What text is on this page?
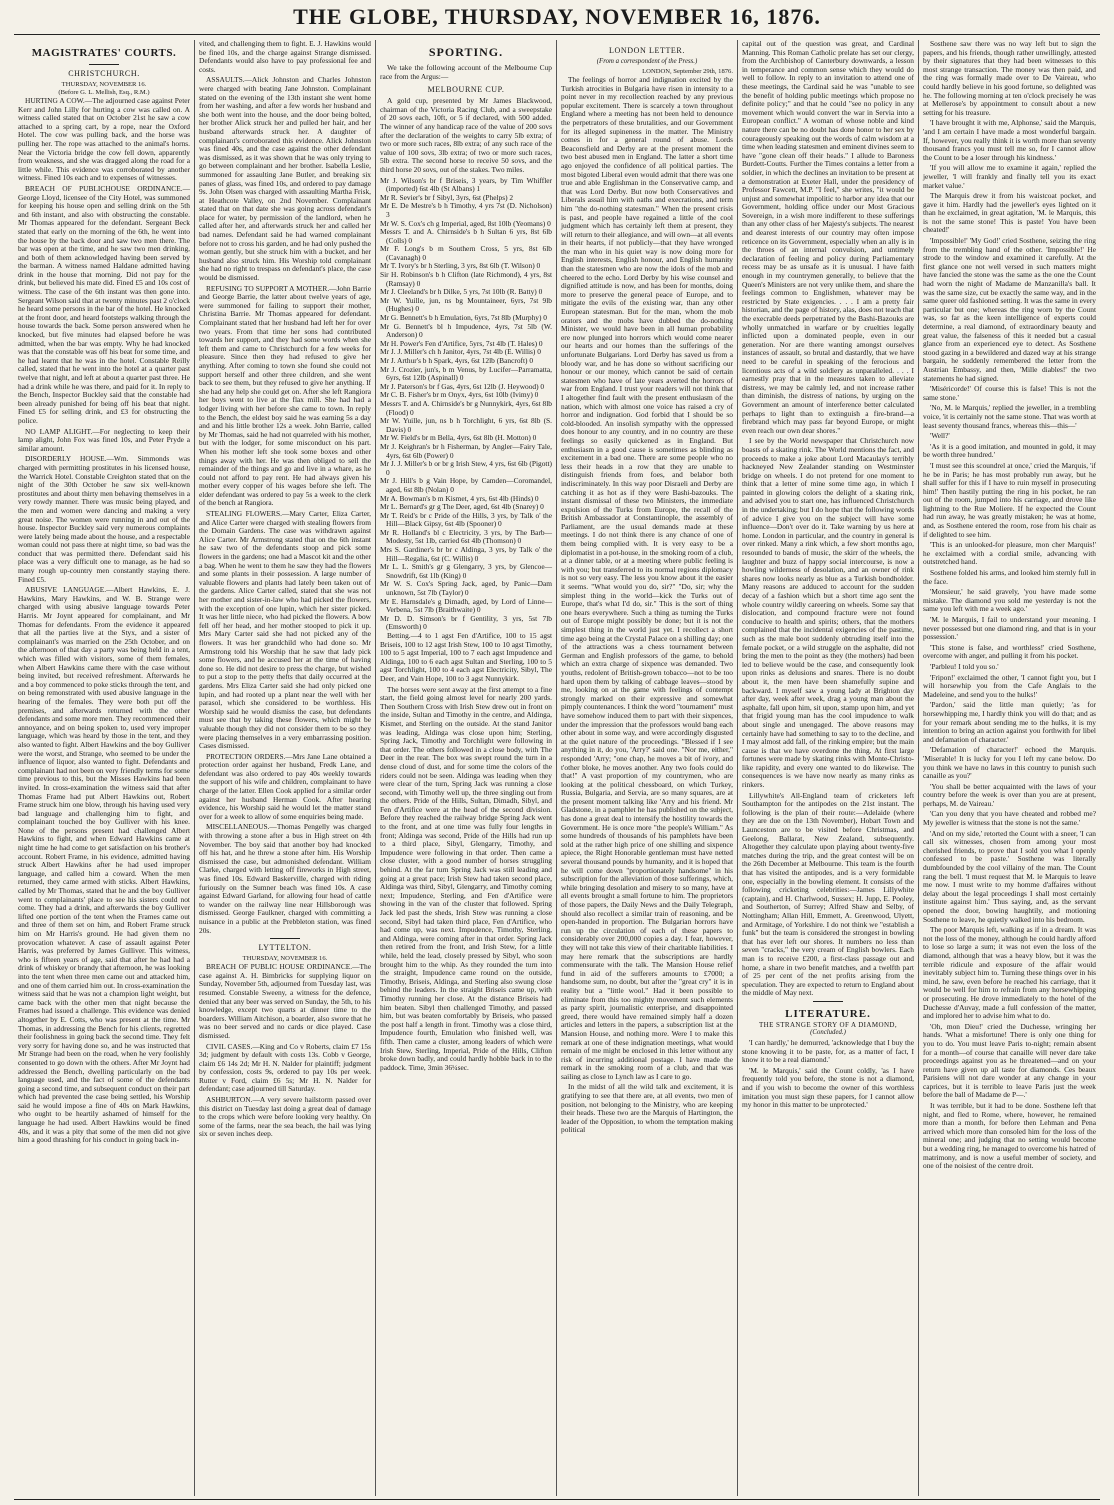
THE GLOBE, THURSDAY, NOVEMBER 16, 1876.
MAGISTRATES' COURTS.
CHRISTCHURCH.
THURSDAY, NOVEMBER 16.
(Before G. L. Mellish, Esq., R.M.)

HURTING A COW.—The adjourned case against Peter Kerr and John Lilly for hurting a cow was called on. A witness called stated that on October 21st he saw a cow attached to a spring cart, by a rope, near the Oxford Hotel. The cow was pulling back, and the horse was pulling her. The rope was attached to the animal's horns. Near the Victoria bridge the cow fell down, apparently from weakness, and she was dragged along the road for a little while. This evidence was corroborated by another witness. Fined 10s each and to expenses of witnesses.

BREACH OF PUBLICHOUSE ORDINANCE.—George Lloyd, licensee of the City Hotel, was summoned for keeping his house open and selling drink on the 5th and 6th instant, and also with obstructing the constable. Mr Thomas appeared for the defendant. Sergeant Beck stated that early on the morning of the 6th, he went into the house by the back door and saw two men there. The bar was open at the time, and he saw two men drinking, and both of them acknowledged having been served by the barman. A witness named Haldane admitted having drink in the house that morning. Did not pay for the drink, but believed his mate did. Fined £5 and 10s cost of witness. The case of the 6th instant was then gone into. Sergeant Wilson said that at twenty minutes past 2 o'clock he heard some persons in the bar of the hotel. He knocked at the front door, and heard footsteps walking through the house towards the back. Some person answered when he knocked, but five minutes had elapsed before he was admitted, when the bar was empty. Why he had knocked was that the constable was off his beat for some time, and he had learnt that he was in the hotel. Constable Reilly called, stated that he went into the hotel at a quarter past twelve that night, and left at about a quarter past three. He had a drink while he was there, and paid for it. In reply to the Bench, Inspector Buckley said that the constable had been already punished for being off his beat that night. Fined £5 for selling drink, and £3 for obstructing the police.

NO LAMP ALIGHT.—For neglecting to keep their lamp alight, John Fox was fined 10s, and Peter Pryde a similar amount.

DISORDERLY HOUSE.—Wm. Simmonds was charged with permitting prostitutes in his licensed house, the Warrick Hotel. Constable Creighton stated that on the night of the 30th October he saw six well-known prostitutes and about thirty men behaving themselves in a very rowdy manner. There was music being played, and the men and women were dancing and making a very great noise. The women were running in and out of the house. Inspector Buckley said very numerous complaints were lately being made about the house, and a respectable woman could not pass there at night time, so bad was the conduct that was permitted there. Defendant said his place was a very difficult one to manage, as he had so many rough up-country men constantly staying there. Fined £5.

ABUSIVE LANGUAGE.—Albert Hawkins, E. J. Hawkins, Mary Hawkins, and W. B. Strange were charged with using abusive language towards Peter Harris. Mr Joynt appeared for complainant, and Mr Thomas for defendants. From the evidence it appeared that all the parties live at the Styx, and a sister of complainant's was married on the 25th October, and on the afternoon of that day a party was being held in a tent, which was filled with visitors, some of them females, when Albert Hawkins came there with the case without being invited, but received refreshment. Afterwards he and a boy commenced to poke sticks through the tent, and on being remonstrated with used abusive language in the hearing of the females. They were both put off the premises, and afterwards returned with the other defendants and some more men. They recommenced their annoyance, and on being spoken to, used very improper language, which was heard by those in the tent, and they also wanted to fight. Albert Hawkins and the boy Gulliver were the worst, and Strange, who seemed to be under the influence of liquor, also wanted to fight. Defendants and complainant had not been on very friendly terms for some time previous to this, but the Misses Hawkins had been invited. In cross-examination the witness said that after Thomas Frame had put Albert Hawkins out, Robert Frame struck him one blow, through his having used very bad language and challenging him to fight, and complainant touched the boy Gulliver with his knee. None of the persons present had challenged Albert Hawkins to fight, and when Edward Hawkins came at night time he had come to get satisfaction on his brother's account. Robert Frame, in his evidence, admitted having struck Albert Hawkins after he had used improper language, and called him a coward. When the men returned, they came armed with sticks. Albert Hawkins, called by Mr Thomas, stated that he and the boy Gulliver went to complainants' place to see his sisters could not come. They had a drink, and afterwards the boy Gulliver lifted one portion of the tent when the Frames came out and three of them set on him, and Robert Frame struck him on Mr Harris's ground. He had given them no provocation whatever. A case of assault against Peter Harris, was preferred by James Gulliver. This witness, who is fifteen years of age, said that after he had had a drink of whiskey or brandy that afternoon, he was looking into the tent when three men came out and attacked him, and one of them carried him out. In cross-examination the witness said that he was not a champion light weight, but came back with the other men that night because the Frames had issued a challenge. This evidence was denied altogether by E. Cotts, who was present at the time. Mr Thomas, in addressing the Bench for his clients, regretted their foolishness in going back the second time. They felt very sorry for having done so, and he was instructed that Mr Strange had been on the road, when he very foolishly consented to go down with the others. After Mr Joynt had addressed the Bench, dwelling particularly on the bad language used, and the fact of some of the defendants going a second time, and subsequent conduct on their part which had prevented the case being settled, his Worship said he would impose a fine of 40s on Mark Hawkins, who ought to be heartily ashamed of himself for the language he had used. Albert Hawkins would be fined 40s, and it was a pity that some of the men did not give him a good thrashing for his conduct in going back in-

vited, and challenging them to fight. E. J. Hawkins would be fined 10s, and the charge against Strange dismissed. Defendants would also have to pay professional fee and costs.

ASSAULTS.—Alick Johnston and Charles Johnston were charged with beating Jane Johnston. Complainant stated on the evening of the 13th instant she went home from her washing, and after a few words her husband and she both went into the house, and the door being bolted, her brother Alick struck her and pulled her hair, and her husband afterwards struck her. A daughter of complainant's corroborated this evidence. Alick Johnston was fined 40s, and the case against the other defendant was dismissed, as it was shown that he was only trying to go between complainant and her brother. Isabella Leslie, summoned for assaulting Jane Butler, and breaking six panes of glass, was fined 10s, and ordered to pay damage 9s. John Olsen was charged with assaulting Martha Frisk, at Heathcote Valley, on 2nd November. Complainant stated that on that date she was going across defendant's place for water, by permission of the landlord, when he called after her, and afterwards struck her and called her bad names. Defendant said he had warned complainant before not to cross his garden, and he had only pushed the woman gently, but she struck him with a bucket, and her husband also struck him. His Worship told complainant she had no right to trespass on defendant's place, the case would be dismissed.

REFUSING TO SUPPORT A MOTHER.—John Barrie and George Barrie, the latter about twelve years of age, were summoned for failing to support their mother, Christina Barrie. Mr Thomas appeared for defendant. Complainant stated that her husband had left her for over two years. From that time her sons had contributed towards her support, and they had some words when she left them and came to Christchurch for a few weeks for pleasure. Since then they had refused to give her anything. After coming to town she found she could not support herself and other three children, and she went back to see them, but they refused to give her anything. If she had any help she could get on. After she left Rangiora her boys went to live at the flax mill. She had had a lodger living with her before she came to town. In reply to the Bench, the eldest boy said he was earning 5s a day and and his little brother 12s a week. John Barrie, called by Mr Thomas, said he had not quarreled with his mother, but with the lodger, for some misconduct on his part. When his mother left she took some boxes and other things away with her. He was then obliged to sell the remainder of the things and go and live in a whare, as he could not afford to pay rent. He had always given his mother every copper of his wages before she left. The elder defendant was ordered to pay 5s a week to the clerk of the bench at Rangiora.

STEALING FLOWERS.—Mary Carter, Eliza Carter, and Alice Carter were charged with stealing flowers from the Domain Gardens. The case was withdrawn against Alice Carter. Mr Armstrong stated that on the 6th instant he saw two of the defendants stoop and pick some flowers in the gardens; one had a Mascot kit and the other a bag. When he went to them he saw they had the flowers and some plants in their possession. A large number of valuable flowers and plants had lately been taken out of the gardens. Alice Carter called, stated that she was not her mother and sister-in-law who had picked the flowers, with the exception of one lupin, which her sister picked. It was her little niece, who had picked the flowers. A bow fell off her head, and her mother stooped to pick it up. Mrs Mary Carter said she had not picked any of the flowers. It was her grandchild who had done so. Mr Armstrong told his Worship that he saw that lady pick some flowers, and he accused her at the time of having done so. He did not desire to press the charge, but wished to put a stop to the petty thefts that daily occurred at the gardens. Mrs Eliza Carter said she had only picked one lupin, and had rooted up a plant near the well with her parasol, which she considered to be worthless. His Worship said he would dismiss the case, but defendants must see that by taking these flowers, which might be valuable though they did not consider them to be so they were placing themselves in a very embarrassing position. Cases dismissed.

PROTECTION ORDERS.—Mrs Jane Lane obtained a protection order against her husband, Fredk Lane, and defendant was also ordered to pay 40s weekly towards the support of his wife and children, complainant to have charge of the latter. Ellen Cook applied for a similar order against her husband Herman Cook. After hearing evidence, his Worship said he would let the matter stand over for a week to allow of some enquiries being made.

MISCELLANEOUS.—Thomas Pengelly was charged with throwing a stone after a bus in High street on 4th November. The boy said that another boy had knocked off his hat, and he threw a stone after him. His Worship dismissed the case, but admonished defendant. William Clarke, charged with letting off fireworks in High street, was fined 10s. Edward Baskerville, charged with riding furiously on the Sumner beach was fined 10s. A case against Edward Garland, for allowing four head of cattle to wander on the railway line near Hillsborough was dismissed. George Faulkner, charged with committing a nuisance in a public at the Prebbleton station, was fined 20s.

LYTTELTON.
THURSDAY, NOVEMBER 16.

BREACH OF PUBLIC HOUSE ORDINANCE.—The case against A. H. Bimbricks for supplying liquor on Sunday, November 5th, adjourned from Tuesday last, was resumed. Constable Sweeny, a witness for the defence, denied that any beer was served on Sunday, the 5th, to his knowledge, except two quarts at dinner time to the boarders. William Aitchison, a boarder, also swore that he was no beer served and no cards or dice played. Case dismissed.

CIVIL CASES.—King and Co v Roberts, claim £7 15s 3d; judgment by default with costs 13s. Cobb v George, claim £6 14s 2d; Mr H. N. Nalder for plaintiff; judgment by confession, costs 9s, ordered to pay 10s per week. Rutter v Ford, claim £6 5s; Mr H. N. Nalder for defendant; case adjourned till Saturday.

ASHBURTON.—A very severe hailstorm passed over this district on Tuesday last doing a great deal of damage to the crops which were before looking very healthy. On some of the farms, near the sea beach, the hail was lying six or seven inches deep.

SPORTING.

We take the following account of the Melbourne Cup race from the Argus:—

MELBOURNE CUP.

A gold cup, presented by Mr James Blackwood, chairman of the Victoria Racing Club, and a sweepstake of 20 sovs each, 10ft, or 5 if declared, with 500 added. The winner of any handicap race of the value of 200 sovs after the declaration of the weights to carry 5lb extra; of two or more such races, 8lb extra; of any such race of the value of 100 sovs, 3lb extra; of two or more such races, 5lb extra. The second horse to receive 50 sovs, and the third horse 20 sovs, out of the stakes. Two miles.

Mr J. Wilson's br f Briseis, 3 years, by Tim Whiffler (imported) 6st 4lb (St Albans) 1
Mr R. Sevier's br f Sibyl, 3yrs, 6st (Phelps) 2
Mr E. De Mestre's b h Timothy, 4 yrs 7st (D. Nicholson) 3
Mr W. S. Cox's ch g Imperial, aged, 8st 10lb (Yeomans) 0
Messrs T. and A. Chirnside's b h Sultan 6 yrs, 8st 6lb (Colls) 0
Mr F. Long's b m Southern Cross, 5 yrs, 8st 6lb (Cavanagh) 0
Mr T. Ivory's br h Sterling, 3 yrs, 8st 6lb (T. Wilson) 0
Sir H. Robinson's b h Clifton (late Richmond), 4 yrs, 8st (Ramsay) 0
Mr J. Cleeland's br h Dilke, 5 yrs, 7st 10lb (R. Batty) 0
Mr W. Yuille, jun, ns bg Mountaineer, 6yrs, 7st 9lb (Hughes) 0
Mr G. Bennett's b h Emulation, 6yrs, 7st 8lb (Murphy) 0
Mr G. Bennett's bl h Impudence, 4yrs, 7st 5lb (W. Anderson) 0
Mr H. Power's Fen d'Artifice, 5yrs, 7st 4lb (T. Hales) 0
Mr J. J. Miller's ch h Janitor, 4yrs, 7st 4lb (E. Willis) 0
Mr J. Arthur's b h Spark, 4yrs, 6st 12lb (Bancroft) 0
Mr J. Crozier, jun's, b m Venus, by Lucifer—Parramatta, 6yrs, 6st 12lb (Aspinall) 0
Mr J. Paterson's br f Gas, 4yrs, 6st 12lb (J. Heywood) 0
Mr C. B. Fisher's br m Onyx, 4yrs, 6st 10lb (Ivimy) 0
Messrs T. and A. Chirnside's br g Nunnykirk, 4yrs, 6st 8lb (Flood) 0
Mr W. Yuille, jun, ns b h Torchlight, 6 yrs, 6st 8lb (S. Davis) 0
Mr W. Field's br m Bella, 4yrs, 6st 8lb (H. Motton) 0
Mr J. Keighran's br h Fisherman, by Angler—Fairy Tale, 4yrs, 6st 6lb (Power) 0
Mr J. J. Miller's b or br g Irish Stew, 4 yrs, 6st 6lb (Pigott) 0
Mr J. Hill's b g Vain Hope, by Camden—Coromandel, aged, 6st 8lb (Nolan) 0
Mr A. Bowman's b m Kismet, 4 yrs, 6st 4lb (Hinds) 0
Mr L. Bernard's gr g The Deer, aged, 6st 4lb (Snarey) 0
Mr T. Reid's br c Pride of the Hills, 3 yrs, by Talk o' the Hill—Black Gipsy, 6st 4lb (Spooner) 0
Mr R. Holland's bl c Electricity, 3 yrs, by The Barb—Modesty, 5st 1lb, carried 6st 4lb (Thomson) 0
Mrs S. Gardiner's br br c Aldinga, 3 yrs, by Talk o' the Hill—Regalia, 6st (C. Willis) 0
Mr L. L. Smith's gr g Glengarry, 3 yrs, by Glencoe—Snowdrift, 6st 1lb (King) 0
Mr W. S. Cox's Spring Jack, aged, by Panic—Dam unknown, 5st 7lb (Taylor) 0
Mr E. Harnsdale's g Dimadh, aged, by Lord of Linne—Verbena, 5st 7lb (Braithwaite) 0
Mr D. D. Simson's br f Gentility, 3 yrs, 5st 7lb (Emsworth) 0

Betting.—4 to 1 agst Fen d'Artifice, 100 to 15 agst Briseis, 100 to 12 agst Irish Stew, 100 to 10 agst Timothy, 100 to 5 agst Imperial, 100 to 7 each agst Impudence and Aldinga, 100 to 6 each agst Sultan and Sterling, 100 to 5 agst Torchlight, 100 to 4 each agst Electricity, Sibyl, The Deer, and Vain Hope, 100 to 3 agst Nunnykirk.

The horses were sent away at the first attempt to a fine start, the field going almost level for nearly 200 yards. Then Southern Cross with Irish Stew drew out in front on the inside, Sultan and Timothy in the centre, and Aldinga, Kismet, and Sterling on the outside. At the stand Janitor was leading, Aldinga was close upon him; Sterling, Spring Jack, Timothy and Torchlight were following in that order. The others followed in a close body, with The Deer in the rear. The box was swept round the turn in a dense cloud of dust, and for some time the colors of the riders could not be seen. Aldinga was leading when they were clear of the turn, Spring Jack was running a close second, with Timothy well up, the three singling out from the others. Pride of the Hills, Sultan, Dimadh, Sibyl, and Fen d'Artifice were at the head of the second division. Before they reached the railway bridge Spring Jack went to the front, and at one time was fully four lengths in front; Aldinga was second, Pride of the Hills had run up to a third place, Sibyl, Glengarry, Timothy, and Impudence were following in that order. Then came a close cluster, with a good number of horses struggling behind. At the far turn Spring Jack was still leading and going at a great pace; Irish Stew had taken second place, Aldinga was third, Sibyl, Glengarry, and Timothy coming next; Impudence, Sterling, and Fen d'Artifice were showing in the van of the cluster that followed. Spring Jack led past the sheds, Irish Stew was running a close second, Sibyl had taken third place, Fen d'Artifice, who had come up, was next. Impudence, Timothy, Sterling, and Aldinga, were coming after in that order. Spring Jack then retired from the front, and Irish Stew, for a little while, held the lead, closely pressed by Sibyl, who soon brought him to the whip. As they rounded the turn into the straight, Impudence came round on the outside, Timothy, Briseis, Aldinga, and Sterling also swung close behind the leaders. In the straight Briseis came up, with Timothy running her close. At the distance Briseis had him beaten. Sibyl then challenged Timothy, and passed him, but was beaten comfortably by Briseis, who passed the post half a length in front. Timothy was a close third, Impudence fourth, Emulation who finished well, was fifth. Then came a cluster, among leaders of which were Irish Stew, Sterling, Imperial, Pride of the Hills, Clifton broke down badly, and could hardly hobble back in to the paddock. Time, 3min 36¼sec.

LONDON LETTER.
(From a correspondent of the Press.)
LONDON, September 29th, 1876.

The feelings of horror and indignation excited by the Turkish atrocities in Bulgaria have risen in intensity to a point never in my recollection reached by any previous popular excitement. There is scarcely a town throughout England where a meeting has not been held to denounce the perpetrators of these brutalities, and our Government for its alleged supineness in the matter. The Ministry comes in for a general round of abuse. Lords Beaconsfield and Derby are at the present moment the two best abused men in England. The latter a short time ago enjoyed the confidence of all political parties. The most bigoted Liberal even would admit that there was one true and able Englishman in the Conservative camp, and that was Lord Derby. But now both Conservatives and Liberals assail him with oaths and execrations, and term him "the do-nothing statesman." When the present crisis is past, and people have regained a little of the cool judgment which has certainly left them at present, they will return to their allegiance, and will own—at all events in their hearts, if not publicly—that they have wronged the man who in his quiet way is now doing more for English interests, English honour, and English humanity than the statesmen who are now the idols of the mob and cheered to the echo. Lord Derby by his wise counsel and dignified attitude is now, and has been for months, doing more to preserve the general peace of Europe, and to mitigate the evils of the existing war, than any other European statesman. But for the man, whom the mob orators and the mobs have dubbed the do-nothing Minister, we would have been in all human probability ere now plunged into horrors which would come nearer our hearts and our homes than the sufferings of the unfortunate Bulgarians. Lord Derby has saved us from a bloody war, and he has done so without sacrificing our honour or our money, which cannot be said of certain statesmen who have of late years averted the horrors of war from England. I trust your readers will not think that I altogether find fault with the present enthusiasm of the nation, which with almost one voice has raised a cry of horror and indignation. God forbid that I should be so cold-blooded. An insolish sympathy with the oppressed does honour to any country, and in no country are these feelings so easily quickened as in England. But enthusiasm in a good cause is sometimes as blinding as excitement in a bad one. There are some people who no less their heads in a row that they are unable to distinguish friends from foes, and belabor both indiscriminately. In this way poor Disraeli and Derby are catching it as hot as if they were Bashi-bazouks. The instant dismissal of these two Ministers, the immediate expulsion of the Turks from Europe, the recall of the British Ambassador at Constantinople, the assembly of Parliament, are the usual demands made at these meetings. I do not think there is any chance of one of them being complied with. It is very easy to be a diplomatist in a pot-house, in the smoking room of a club, at a dinner table, or at a meeting where public feeling is with you; but transferred to its normal regions diplomacy is not so very easy. The less you know about it the easier it seems. "What would you do, sir?" "Do, sir; why the simplest thing in the world—kick the Turks out of Europe, that's what I'd do, sir." This is the sort of thing one hears everywhere. Such a thing as turning the Turks out of Europe might possibly be done; but it is not the simplest thing in the world just yet. I recollect a short time ago being at the Crystal Palace on a shilling day; one of the attractions was a chess tournament between German and English professors of the game, to behold which an extra charge of sixpence was demanded. Two youths, redolent of British-grown tobacco—not to be too hard upon them by talking of cabbage leaves—stood by me, looking on at the game with feelings of contempt strongly marked on their expressive and somewhat pimply countenances. I think the word "tournament" must have somehow induced them to part with their sixpences, under the impression that the professors would bang each other about in some way, and were accordingly disgusted at the quiet nature of the proceedings. "Blessed if I see anything in it, do you, 'Arry?' said one. "Nor me, either," responded 'Arry; "one chap, he moves a bit of ivory, and t'other bloke, he moves another. Any two fools could do that!" A vast proportion of my countrymen, who are looking at the political chessboard, on which Turkey, Russia, Bulgaria, and Servia, are so many squares, are at the present moment talking like 'Arry and his friend. Mr Gladstone, in a pamphlet he has published on the subject, has done a great deal to intensify the hostility towards the Government. He is once more "the people's William." As some hundreds of thousands of his pamphlets have been sold at the rather high price of one shilling and sixpence apiece, the Right Honorable gentleman must have netted several thousand pounds by humanity, and it is hoped that he will come down "proportionately handsome" in his subscription for the alleviation of those sufferings, which, while bringing desolation and misery to so many, have at all events brought a small fortune to him. The proprietors of those papers, the Daily News and the Daily Telegraph, should also recollect a similar train of reasoning, and be open-handed in proportion. The Bulgarian horrors have run up the circulation of each of these papers to considerably over 200,000 copies a day. I fear, however, they will not take this view of their charitable liabilities. I may here remark that the subscriptions are hardly commensurate with the talk. The Mansion House relief fund in aid of the sufferers amounts to £7000; a handsome sum, no doubt, but after the "great cry" it is in reality but a "little wool." Had it been possible to eliminate from this too mighty movement such elements as party spirit, journalistic enterprise, and disappointed greed, there would have remained simply half a dozen articles and letters in the papers, a subscription list at the Mansion House, and nothing more. Were I to make this remark at one of these indignation meetings, what would remain of me might be enclosed in this letter without any risk of incurring additional postage. I have made the remark in the smoking room of a club, and that was sailing as close to Lynch law as I care to go.

In the midst of all the wild talk and excitement, it is gratifying to see that there are, at all events, two men of position, not belonging to the Ministry, who are keeping their heads. These two are the Marquis of Hartington, the leader of the Opposition, to whom the temptation making political

capital out of the question was great, and Cardinal Manning. This Roman Catholic prelate has set our clergy, from the Archbishop of Canterbury downwards, a lesson in temperance and common sense which they would do well to follow. In reply to an invitation to attend one of these meetings, the Cardinal said he was "unable to see the benefit of holding public meetings which propose no definite policy;" and that he could "see no policy in any movement which would convert the war in Servia into a European conflict." A woman of whose noble and kind nature there can be no doubt has done honor to her sex by courageously speaking out the words of calm wisdom at a time when leading statesmen and eminent divines seem to have "gone clean off their heads." I allude to Baroness Burdett-Coutts. Further the Times contains a letter from a soldier, in which the declines an invitation to be present at a demonstration at Exeter Hall, under the presidency of Professor Fawcett, M.P. "I feel," she writes, "it would be unjust and somewhat impolitic to harbor any idea that our Government, holding office under our Most Gracious Sovereign, in a wish more indifferent to these sufferings than any other class of her Majesty's subjects. The nearest and dearest interests of our country may often impose reticence on its Government, especially when an ally is in the throes of an internal convulsion, and untimely declaration of feeling and policy during Parliamentary recess may be as unsafe as it is unusual. I have faith enough in my countrymen generally, to believe that the Queen's Ministers are not very unlike them, and share the feelings common to Englishmen, whatever may be restricted by State exigencies. . . . I am a pretty fair historian, and the page of history, alas, does not teach that the execrable deeds perpetrated by the Bashi-Bazouks are wholly unmatched in warfare or by cruelties legally inflicted upon a dominated people, even in our generation. Nor are there wanting amongst ourselves instances of assault, so brutal and dastardly, that we have need to be careful in speaking of the ferocious and licentious acts of a wild soldiery as unparalleled. . . . I earnestly pray that in the measures taken to alleviate distress, we may be calmly led, and not increase rather than diminish, the distress of nations, by urging on the Government an amount of interference better calculated perhaps to light than to extinguish a fire-brand—a firebrand which may pass far beyond Europe, or might even reach our own dear shores."

I see by the World newspaper that Christchurch now boasts of a skating rink. The World mentions the fact, and proceeds to make a joke about Lord Macaulay's terribly hackneyed New Zealander standing on Westminster bridge on wheels. I do not pretend for one moment to think that a letter of mine some time ago, in which I painted in glowing colors the delight of a skating rink, and advised you to start one, has influenced Christchurch in the undertaking; but I do hope that the following words of advice I give you on the subject will have some influence—Don't over do it. Take warning by us here at home. London in particular, and the country in general is over rinked. Many a rink which, a few short months ago, resounded to bands of music, the skirr of the wheels, the laughter and buzz of happy social intercourse, is now a howling wilderness of desolation, and an owner of rink shares now looks nearly as blue as a Turkish bondholder. Many reasons are adduced to account for the sudden decay of a fashion which but a short time ago sent the whole country wildly careering on wheels. Some say that dislocation, and compound fracture were not found conducive to health and spirits; others, that the mothers complained that the incidental exigencies of the pastime, such as the male boot suddenly obtruding itself into the female pocket, or a wild struggle on the asphalte, did not bring the men to the point as they (the mothers) had been led to believe would be the case, and consequently look upon rinks as delusions and snares. There is no doubt about it, the men have been shamefully supine and backward. I myself saw a young lady at Brighton day after day, week after week, drag a young man about the asphalte, fall upon him, sit upon, stamp upon him, and yet that frigid young man has the cool impudence to walk about single and unengaged. The above reasons may certainly have had something to say to to the decline, and I may almost add fall, of the rinking empire; but the main cause is that we have overdone the thing. At first large fortunes were made by skating rinks with Monte-Christo-like rapidity, and every one wanted to do likewise. The consequences is we have now nearly as many rinks as rinkers.

Lillywhite's All-England team of cricketers left Southampton for the antipodes on the 21st instant. The following is the plan of their route:—Adelaide (where they are due on the 13th November), Hobart Town and Launceston are to be visited before Christmas, and Geelong, Ballarat, New Zealand, subsequently. Altogether they calculate upon playing about twenty-five matches during the trip, and the great contest will be on the 26th December at Melbourne. This team is the fourth that has visited the antipodes, and is a very formidable one, especially in the bowling element. It consists of the following cricketing celebrities:—James Lillywhite (captain), and H. Charlwood, Sussex; H. Jupp, E. Pooley, and Southerton, of Surrey; Alfred Shaw and Selby, of Nottingham; Allan Hill, Emmett, A. Greenwood, Ulyett, and Armitage, of Yorkshire. I do not think we "establish a funk" but the team is considered the strongest in bowling that has ever left our shores. It numbers no less than seven "cracks," the very cream of English bowlers. Each man is to receive £200, a first-class passage out and home, a share in two benefit matches, and a twelfth part of 25 per cent of the net profits arising from the speculation. They are expected to return to England about the middle of May next.

LITERATURE.
THE STRANGE STORY OF A DIAMOND,
(Concluded.)

'I can hardly,' he demurred, 'acknowledge that I buy the stone knowing it to be paste, for, as a matter of fact, I know it to be a real diamond.'

'M. le Marquis,' said the Count coldly, 'as I have frequently told you before, the stone is not a diamond, and if you wish to become the owner of this worthless imitation you must sign these papers, for I cannot allow my honor in this matter to be unprotected.'

Sosthene saw there was no way left but to sign the papers, and his friends, though rather unwillingly, attested by their signatures that they had been witnesses to this most strange transaction. The money was then paid, and the ring was formally made over to De Vaireau, who could hardly believe in his good fortune, so delighted was he. The following morning at ten o'clock precisely he was at Mellerose's by appointment to consult about a new setting for his treasure.

'I have brought it with me, Alphonse,' said the Marquis, 'and I am certain I have made a most wonderful bargain. If, however, you really think it is worth more than seventy thousand francs you must tell me so, for I cannot allow the Count to be a loser through his kindness.'

'If you will allow me to examine it again,' replied the jeweller, 'I will frankly and finally tell you its exact market value.'

The Marquis drew it from his waistcoat pocket, and gave it him. Hardly had the jeweller's eyes lighted on it than he exclaimed, in great agitation, 'M. le Marquis, this is not the same stone! This is paste! You have been cheated!'

'Impossible!' 'My God!' cried Sosthene, seizing the ring from the trembling hand of the other. 'Impossible!' He strode to the window and examined it carefully. At the first glance one not well versed in such matters might have fancied the stone was the same as the one the Count had worn the night of Madame de Manzanilla's ball. It was the same size, cut be exactly the same way, and in the same queer old fashioned setting. It was the same in every particular but one; whereas the ring worn by the Count was, so far as the keen intelligence of experts could determine, a real diamond, of extraordinary beauty and great value, the falseness of this it needed but a casual glance from an experienced eye to detect. As Sosthene stood gazing in a bewildered and dazed way at his strange bargain, he suddenly remembered the letter from the Austrian Embassy, and then, 'Mille diables!' the two statements he had signed.

'Miséricorde!' Of course this is false! This is not the same stone.'

'No, M. le Marquis,' replied the jeweller, in a trembling voice, 'it is certainly not the same stone. That was worth at least seventy thousand francs, whereas this—this—'

'Well?'

'As it is a good imitation, and mounted in gold, it may be worth three hundred.'

'I must see this scoundrel at once,' cried the Marquis, 'if he be in Paris; he has most probably run away, but he shall suffer for this if I have to ruin myself in prosecuting him!' Then hastily putting the ring in his pocket, he ran out of the room, jumped into his carriage, and drove like lightning to the Rue Moliere. If he expected the Count had run away, he was greatly mistaken; he was at home, and, as Sosthene entered the room, rose from his chair as if delighted to see him.

'This is an unlooked-for pleasure, mon cher Marquis!' he exclaimed with a cordial smile, advancing with outstretched hand.

Sosthene folded his arms, and looked him sternly full in the face.

'Monsieur,' he said gravely, 'you have made some mistake. The diamond you sold me yesterday is not the same you left with me a week ago.'

'M. le Marquis, I fail to understand your meaning. I never possessed but one diamond ring, and that is in your possession.'

'This stone is false, and worthless!' cried Sosthene, overcome with anger, and pulling it from his pocket.

'Parbleu! I told you so.'

'Fripon!' exclaimed the other, 'I cannot fight you, but I will horsewhip you from the Cafe Anglais to the Madeleine, and send you to the hulks!'

'Pardon,' said the little man quietly; 'as for horsewhipping me, I hardly think you will do that; and as for your remark about sending me to the hulks, it is my intention to bring an action against you forthwith for libel and defamation of character.'

'Defamation of character!' echoed the Marquis. 'Miserable! It is lucky for you I left my cane below. Do you think we have no laws in this country to punish such canaille as you?'

'You shall be better acquainted with the laws of your country before the week is over than you are at present, perhaps, M. de Vaireau.'

'Can you deny that you have cheated and robbed me? My jeweller is witness that the stone is not the same.'

'And on my side,' retorted the Count with a sneer, 'I can call six witnesses, chosen from among your most cherished friends, to prove that I sold you what I openly confessed to be paste.' Sosthene was literally dumbfounded by the cool villainy of the man. The Count rang the bell. 'I must request that M. le Marquis to leave me now. I must write to my homme d'affaires without delay about the legal proceedings I shall most certainly institute against him.' Thus saying, and, as the servant opened the door, bowing haughtily, and motioning Sosthene to leave, he quietly walked into his bedroom.

The poor Marquis left, walking as if in a dream. It was not the loss of the money, although he could hardly afford to lose so large a sum; it was not even the loss of the diamond, although that was a heavy blow, but it was the terrible ridicule and exposure of the affair would inevitably subject him to. Turning these things over in his mind, he saw, even before he reached his carriage, that it would be well for him to refrain from any horsewhipping or prosecuting. He drove immediately to the hotel of the Duchesse d'Auvay, made a full confession of the matter, and implored her to advise him what to do.

'Oh, mon Dieu!' cried the Duchesse, wringing her hands. 'What a misfortune! There is only one thing for you to do. You must leave Paris to-night; remain absent for a month—of course that canaille will never dare take proceedings against you as he threatened—and on your return have given up all taste for diamonds. Ces beaux Parisiens will not dare wonder at any change in your caprices, but it is terrible to leave Paris just the week before the ball of Madame de P—.'

It was terrible, but it had to be done. Sosthene left that night, and fled to Rome, where, however, he remained more than a month, for before then Lehman and Pena arrived which more than consoled him for the loss of the mineral one; and judging that no setting would become but a wedding ring, he managed to overcome his hatred of matrimony, and is now a useful member of society, and one of the noisiest of the centre droit.
